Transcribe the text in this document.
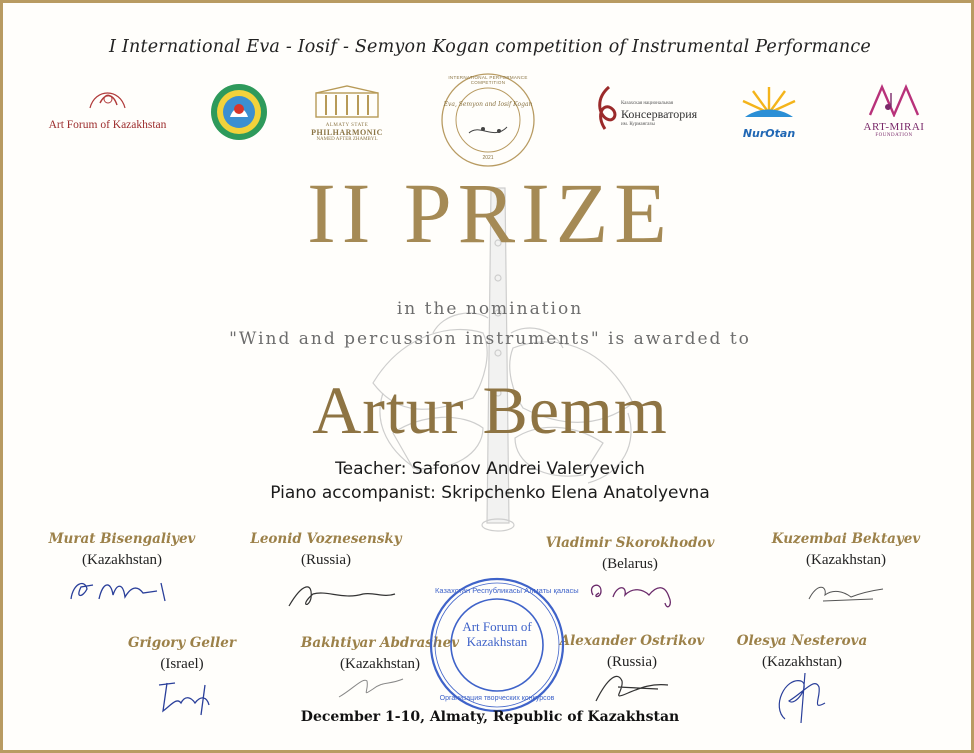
I International Eva - Iosif - Semyon Kogan competition of Instrumental Performance
Art Forum of Kazakhstan	ALMATY STATE
PHILHARMONIC
NAMED AFTER ZHAMBYL
Eva, Semyon and Iosif Kogan
INTERNATIONAL PERFORMANCE COMPETITION
2021
Казахская национальная
Консерватория
им. Курмангазы
NurOtan	ART-MIRAI
FOUNDATION
II PRIZE
in the nomination
"Wind and percussion instruments" is awarded to
Artur Bemm
Teacher: Safonov Andrei Valeryevich
Piano accompanist: Skripchenko Elena Anatolyevna
Murat Bisengaliyev
(Kazakhstan)
Leonid Voznesensky
(Russia)
Vladimir Skorokhodov
(Belarus)
Kuzembai Bektayev
(Kazakhstan)
Grigory Geller
(Israel)
Bakhtiyar Abdrashev
(Kazakhstan)
Alexander Ostrikov
(Russia)
Olesya Nesterova
(Kazakhstan)
Казахстан Республикасы Алматы қаласы
Art Forum of Kazakhstan
Организация творческих конкурсов
December 1-10, Almaty, Republic of Kazakhstan
